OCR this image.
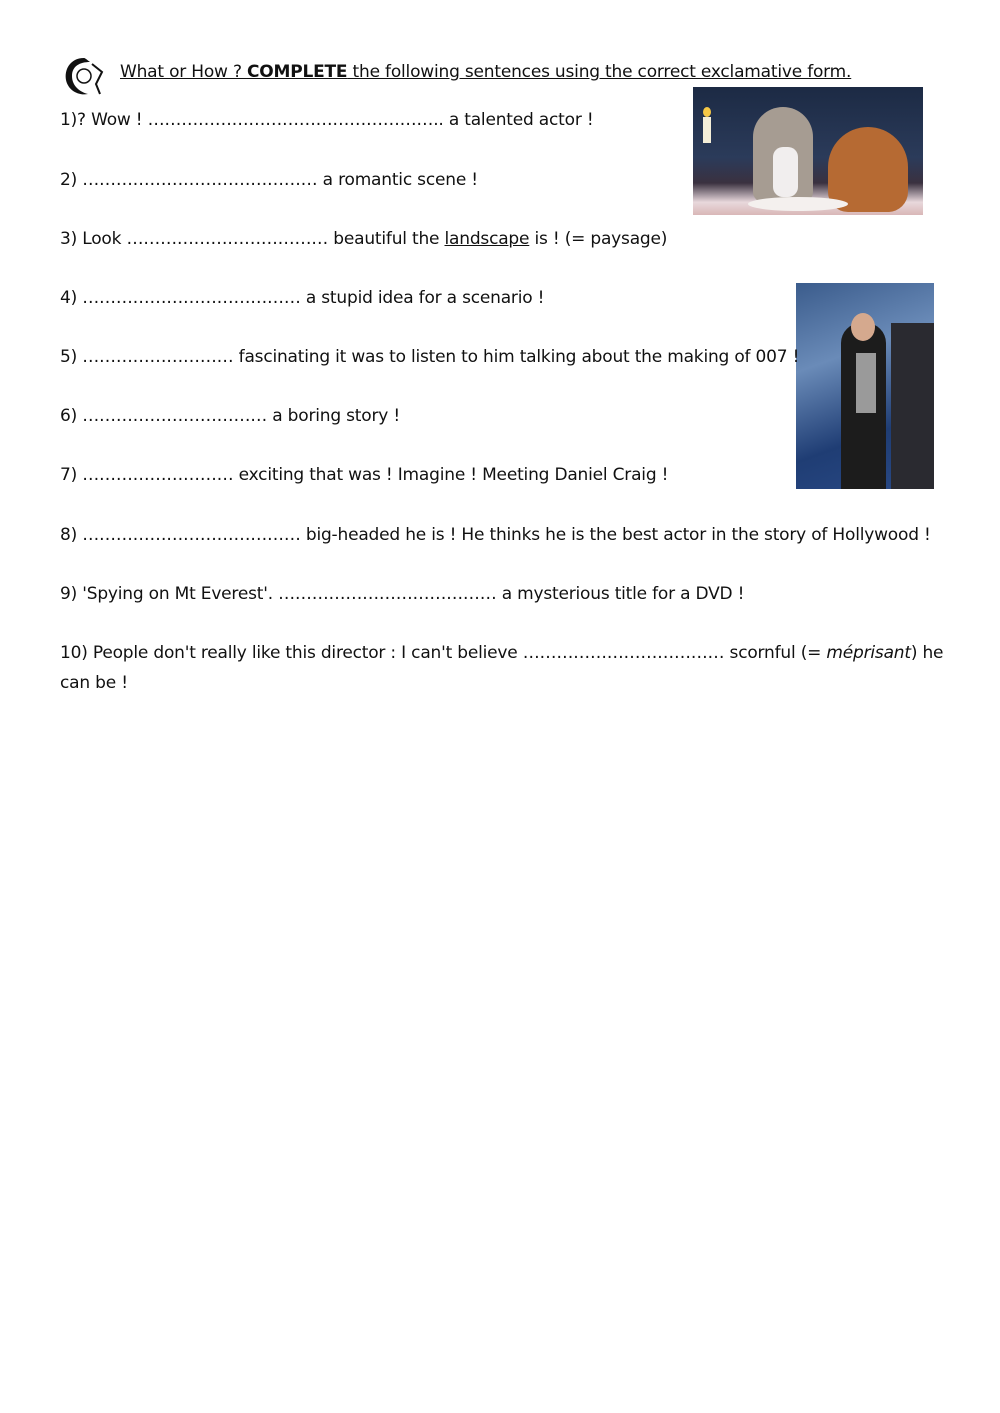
What or How ? COMPLETE the following sentences using the correct exclamative form.
1)? Wow ! …………………………………………….. a talented actor !
2) …………………………………… a romantic scene !
3) Look ……………………………… beautiful the landscape is ! (= paysage)
4) ………………………………… a stupid idea for a scenario !
5) ……………………… fascinating it was to listen to him talking about the making of 007 !
6) …………………………… a boring story !
7) ……………………… exciting that was ! Imagine ! Meeting Daniel Craig !
8) ………………………………… big-headed he is ! He thinks he is the best actor in the story of Hollywood !
9) 'Spying on Mt Everest'. ………………………………… a mysterious title for a DVD !
10) People don't really like this director : I can't believe ……………………………… scornful (= méprisant) he
can be !
